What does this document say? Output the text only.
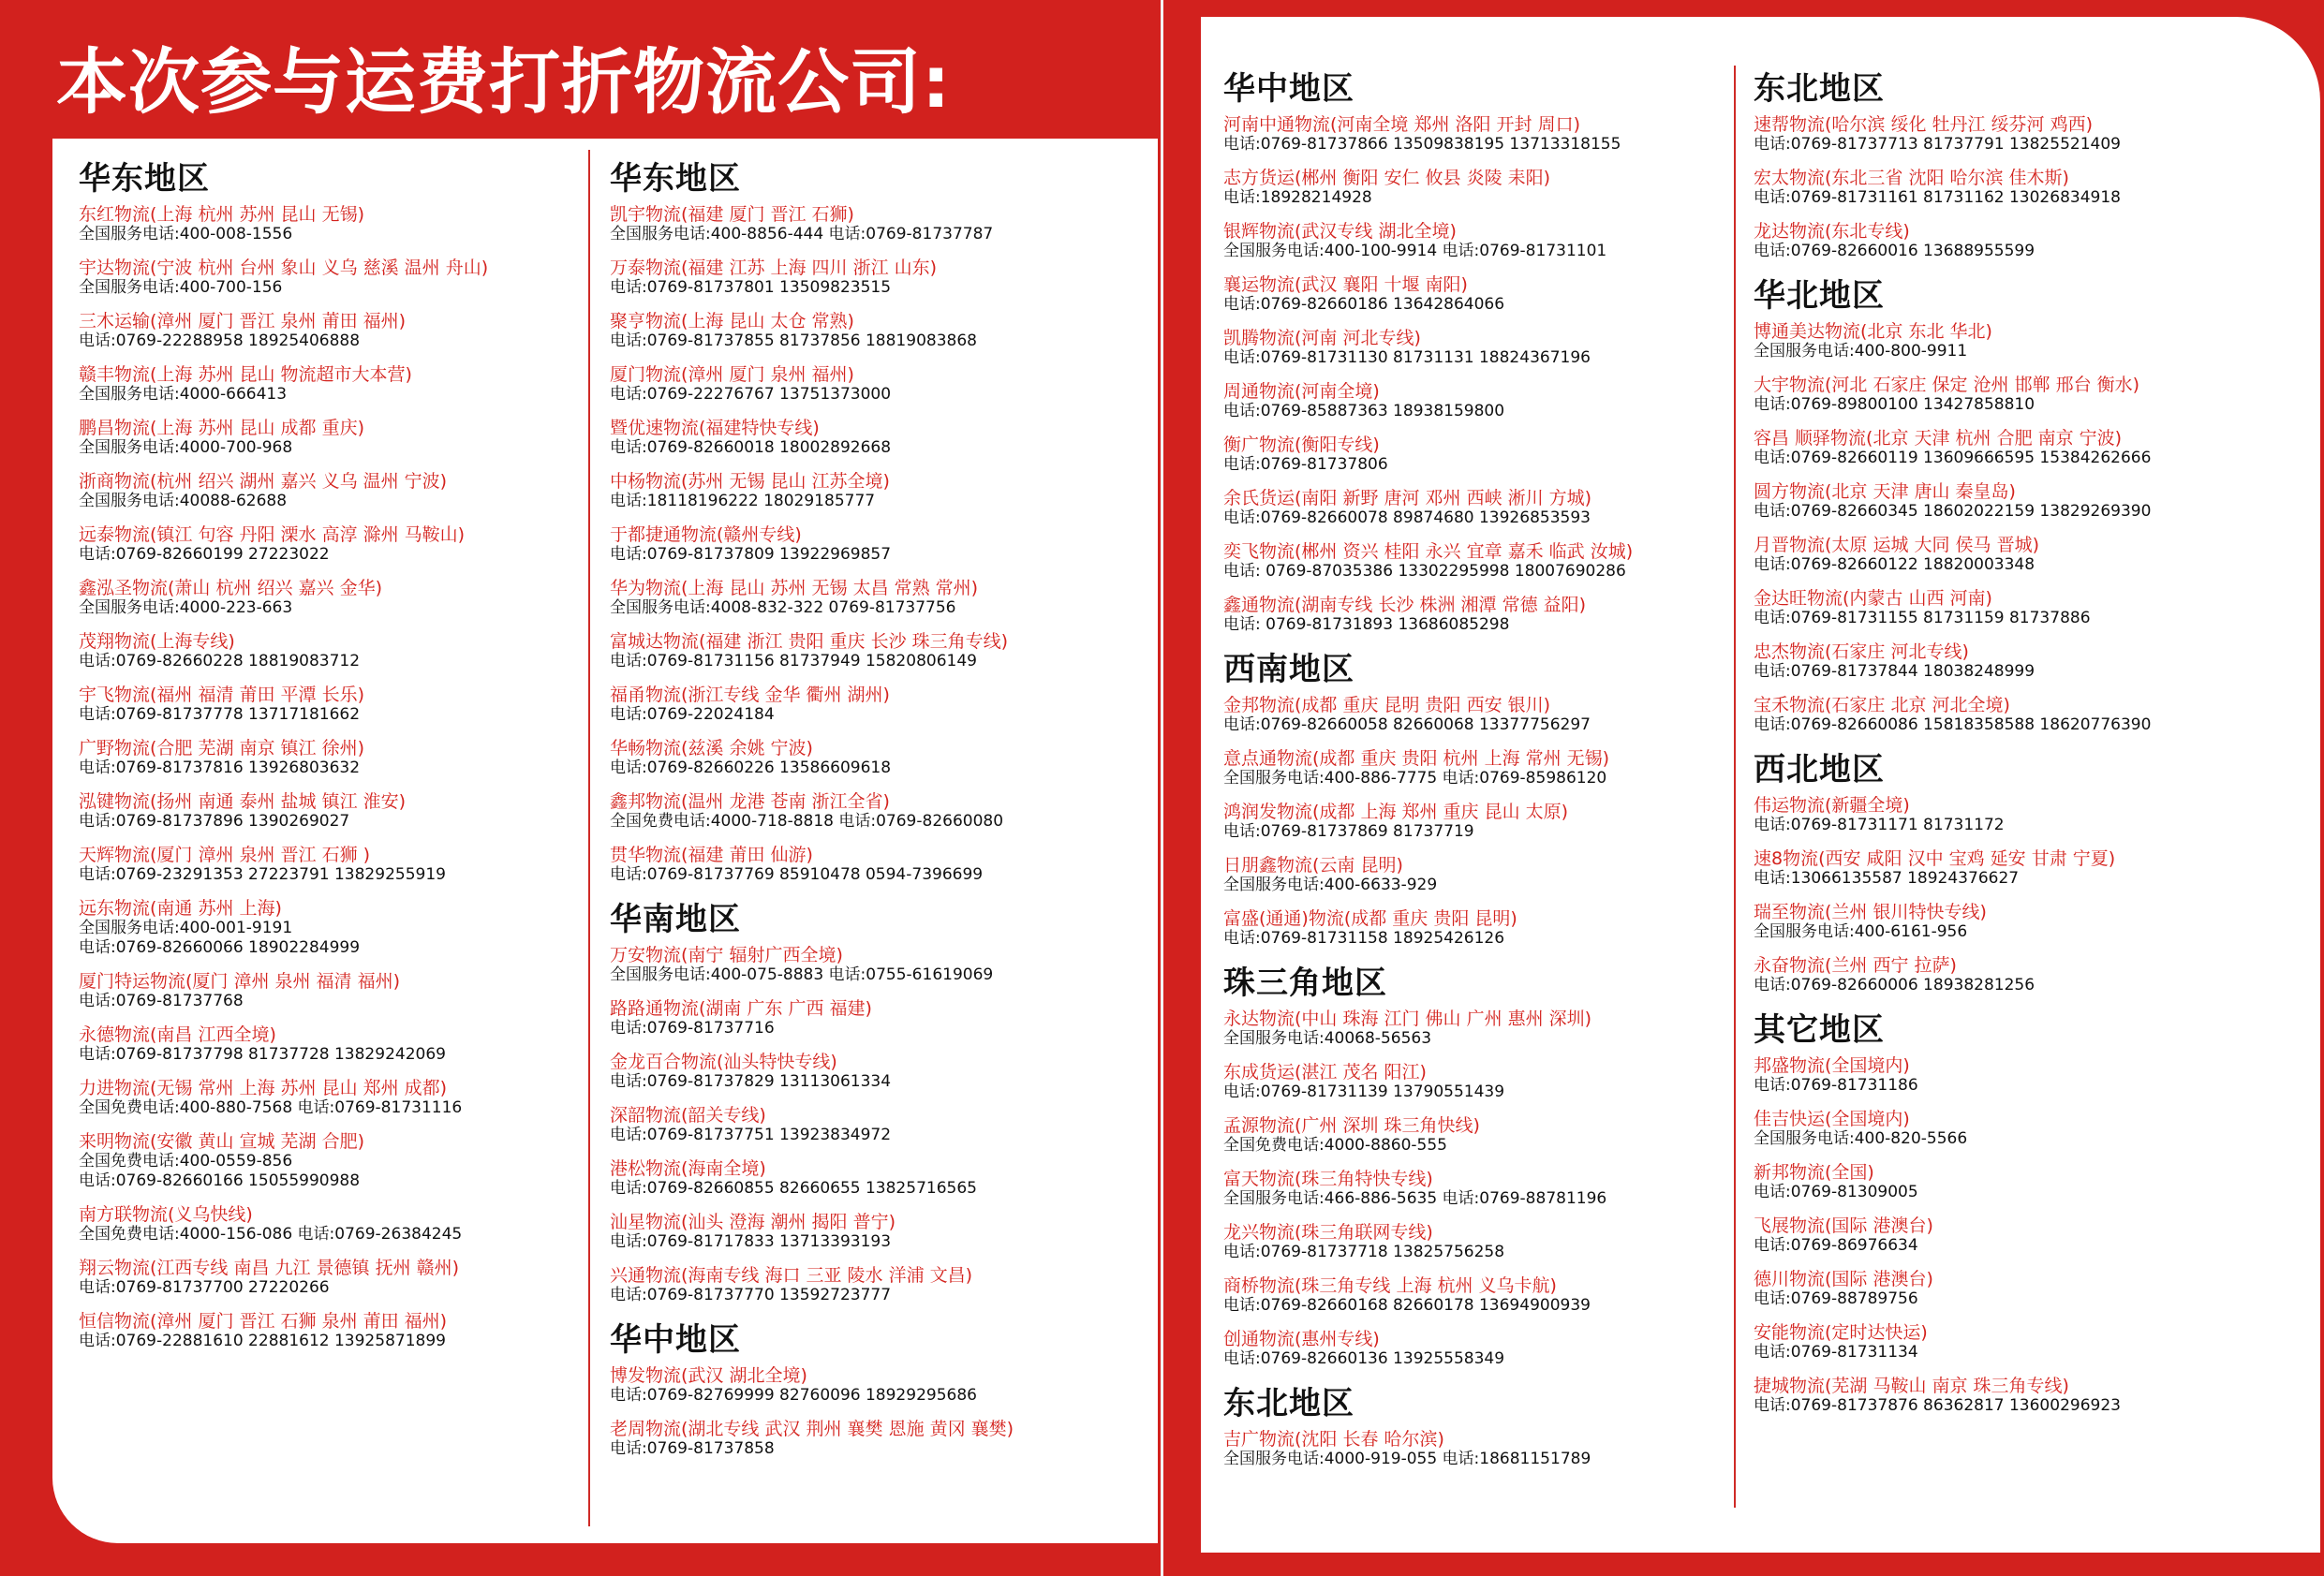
本次参与运费打折物流公司:
华东地区
东红物流(上海 杭州 苏州 昆山 无锡)
全国服务电话:400-008-1556
宇达物流(宁波 杭州 台州 象山 义乌 慈溪 温州 舟山)
全国服务电话:400-700-156
三木运输(漳州 厦门 晋江 泉州 莆田 福州)
电话:0769-22288958 18925406888
赣丰物流(上海 苏州 昆山 物流超市大本营)
全国服务电话:4000-666413
鹏昌物流(上海 苏州 昆山 成都 重庆)
全国服务电话:4000-700-968
浙商物流(杭州 绍兴 湖州 嘉兴 义乌 温州 宁波)
全国服务电话:40088-62688
远泰物流(镇江 句容 丹阳 溧水 高淳 滁州 马鞍山)
电话:0769-82660199 27223022
鑫泓圣物流(萧山 杭州 绍兴 嘉兴 金华)
全国服务电话:4000-223-663
茂翔物流(上海专线)
电话:0769-82660228 18819083712
宇飞物流(福州 福清 莆田 平潭 长乐)
电话:0769-81737778 13717181662
广野物流(合肥 芜湖 南京 镇江 徐州)
电话:0769-81737816 13926803632
泓键物流(扬州 南通 泰州 盐城 镇江 淮安)
电话:0769-81737896 1390269027
天辉物流(厦门 漳州 泉州 晋江 石狮 )
电话:0769-23291353 27223791 13829255919
远东物流(南通 苏州 上海)
全国服务电话:400-001-9191
电话:0769-82660066 18902284999
厦门特运物流(厦门 漳州 泉州 福清 福州)
电话:0769-81737768
永德物流(南昌 江西全境)
电话:0769-81737798 81737728 13829242069
力进物流(无锡 常州 上海 苏州 昆山 郑州 成都)
全国免费电话:400-880-7568 电话:0769-81731116
来明物流(安徽 黄山 宣城 芜湖 合肥)
全国免费电话:400-0559-856
电话:0769-82660166 15055990988
南方联物流(义乌快线)
全国免费电话:4000-156-086 电话:0769-26384245
翔云物流(江西专线 南昌 九江 景德镇 抚州 赣州)
电话:0769-81737700 27220266
恒信物流(漳州 厦门 晋江 石狮 泉州 莆田 福州)
电话:0769-22881610 22881612 13925871899
华东地区
凯宇物流(福建 厦门 晋江 石狮)
全国服务电话:400-8856-444 电话:0769-81737787
万泰物流(福建 江苏 上海 四川 浙江 山东)
电话:0769-81737801 13509823515
聚亨物流(上海 昆山 太仓 常熟)
电话:0769-81737855 81737856 18819083868
厦门物流(漳州 厦门 泉州 福州)
电话:0769-22276767 13751373000
暨优速物流(福建特快专线)
电话:0769-82660018 18002892668
中杨物流(苏州 无锡 昆山 江苏全境)
电话:18118196222 18029185777
于都捷通物流(赣州专线)
电话:0769-81737809 13922969857
华为物流(上海 昆山 苏州 无锡 太昌 常熟 常州)
全国服务电话:4008-832-322 0769-81737756
富城达物流(福建 浙江 贵阳 重庆 长沙 珠三角专线)
电话:0769-81731156 81737949 15820806149
福甬物流(浙江专线 金华 衢州 湖州)
电话:0769-22024184
华畅物流(兹溪 余姚 宁波)
电话:0769-82660226 13586609618
鑫邦物流(温州 龙港 苍南 浙江全省)
全国免费电话:4000-718-8818 电话:0769-82660080
贯华物流(福建 莆田 仙游)
电话:0769-81737769 85910478 0594-7396699
华南地区
万安物流(南宁 辐射广西全境)
全国服务电话:400-075-8883 电话:0755-61619069
路路通物流(湖南 广东 广西 福建)
电话:0769-81737716
金龙百合物流(汕头特快专线)
电话:0769-81737829 13113061334
深韶物流(韶关专线)
电话:0769-81737751 13923834972
港松物流(海南全境)
电话:0769-82660855 82660655 13825716565
汕星物流(汕头 澄海 潮州 揭阳 普宁)
电话:0769-81717833 13713393193
兴通物流(海南专线 海口 三亚 陵水 洋浦 文昌)
电话:0769-81737770 13592723777
华中地区
博发物流(武汉 湖北全境)
电话:0769-82769999 82760096 18929295686
老周物流(湖北专线 武汉 荆州 襄樊 恩施 黄冈 襄樊)
电话:0769-81737858
华中地区
河南中通物流(河南全境 郑州 洛阳 开封 周口)
电话:0769-81737866 13509838195 13713318155
志方货运(郴州 衡阳 安仁 攸县 炎陵 耒阳)
电话:18928214928
银辉物流(武汉专线 湖北全境)
全国服务电话:400-100-9914 电话:0769-81731101
襄运物流(武汉 襄阳 十堰 南阳)
电话:0769-82660186 13642864066
凯腾物流(河南 河北专线)
电话:0769-81731130 81731131 18824367196
周通物流(河南全境)
电话:0769-85887363 18938159800
衡广物流(衡阳专线)
电话:0769-81737806
余氏货运(南阳 新野 唐河 邓州 西峡 淅川 方城)
电话:0769-82660078 89874680 13926853593
奕飞物流(郴州 资兴 桂阳 永兴 宜章 嘉禾 临武 汝城)
电话: 0769-87035386 13302295998 18007690286
鑫通物流(湖南专线 长沙 株洲 湘潭 常德 益阳)
电话: 0769-81731893 13686085298
西南地区
金邦物流(成都 重庆 昆明 贵阳 西安 银川)
电话:0769-82660058 82660068 13377756297
意点通物流(成都 重庆 贵阳 杭州 上海 常州 无锡)
全国服务电话:400-886-7775 电话:0769-85986120
鸿润发物流(成都 上海 郑州 重庆 昆山 太原)
电话:0769-81737869 81737719
日朋鑫物流(云南 昆明)
全国服务电话:400-6633-929
富盛(通通)物流(成都 重庆 贵阳 昆明)
电话:0769-81731158 18925426126
珠三角地区
永达物流(中山 珠海 江门 佛山 广州 惠州 深圳)
全国服务电话:40068-56563
东成货运(湛江 茂名 阳江)
电话:0769-81731139 13790551439
孟源物流(广州 深圳 珠三角快线)
全国免费电话:4000-8860-555
富天物流(珠三角特快专线)
全国服务电话:466-886-5635 电话:0769-88781196
龙兴物流(珠三角联网专线)
电话:0769-81737718 13825756258
商桥物流(珠三角专线 上海 杭州 义乌卡航)
电话:0769-82660168 82660178 13694900939
创通物流(惠州专线)
电话:0769-82660136 13925558349
东北地区
吉广物流(沈阳 长春 哈尔滨)
全国服务电话:4000-919-055 电话:18681151789
东北地区
速帮物流(哈尔滨 绥化 牡丹江 绥芬河 鸡西)
电话:0769-81737713 81737791 13825521409
宏太物流(东北三省 沈阳 哈尔滨 佳木斯)
电话:0769-81731161 81731162 13026834918
龙达物流(东北专线)
电话:0769-82660016 13688955599
华北地区
博通美达物流(北京 东北 华北)
全国服务电话:400-800-9911
大宇物流(河北 石家庄 保定 沧州 邯郸 邢台 衡水)
电话:0769-89800100 13427858810
容昌 顺驿物流(北京 天津 杭州 合肥 南京 宁波)
电话:0769-82660119 13609666595 15384262666
圆方物流(北京 天津 唐山 秦皇岛)
电话:0769-82660345 18602022159 13829269390
月晋物流(太原 运城 大同 侯马 晋城)
电话:0769-82660122 18820003348
金达旺物流(内蒙古 山西 河南)
电话:0769-81731155 81731159 81737886
忠杰物流(石家庄 河北专线)
电话:0769-81737844 18038248999
宝禾物流(石家庄 北京 河北全境)
电话:0769-82660086 15818358588 18620776390
西北地区
伟运物流(新疆全境)
电话:0769-81731171 81731172
速8物流(西安 咸阳 汉中 宝鸡 延安 甘肃 宁夏)
电话:13066135587 18924376627
瑞至物流(兰州 银川特快专线)
全国服务电话:400-6161-956
永奋物流(兰州 西宁 拉萨)
电话:0769-82660006 18938281256
其它地区
邦盛物流(全国境内)
电话:0769-81731186
佳吉快运(全国境内)
全国服务电话:400-820-5566
新邦物流(全国)
电话:0769-81309005
飞展物流(国际 港澳台)
电话:0769-86976634
德川物流(国际 港澳台)
电话:0769-88789756
安能物流(定时达快运)
电话:0769-81731134
捷城物流(芜湖 马鞍山 南京 珠三角专线)
电话:0769-81737876 86362817 13600296923
